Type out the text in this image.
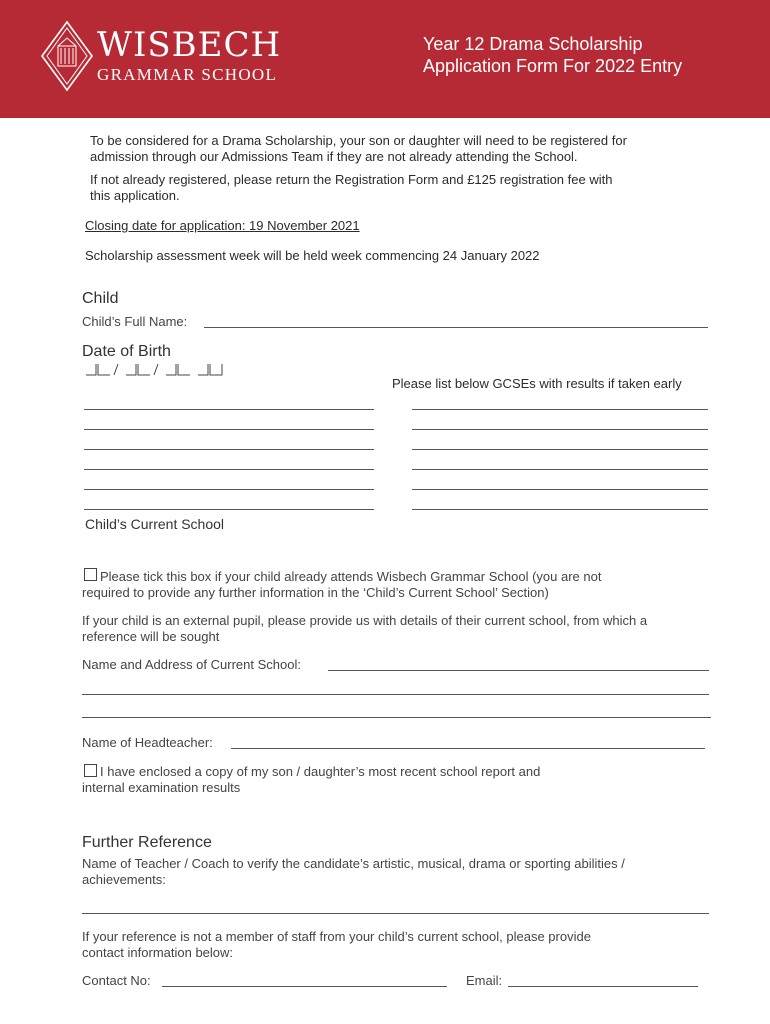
WISBECH
GRAMMAR SCHOOL
Year 12 Drama Scholarship
Application Form For 2022 Entry
To be considered for a Drama Scholarship, your son or daughter will need to be registered for
admission through our Admissions Team if they are not already attending the School.
If not already registered, please return the Registration Form and £125 registration fee with
this application.
Closing date for application: 19 November 2021
Scholarship assessment week will be held week commencing 24 January 2022
Child
Child’s Full Name:
Date of Birth
Please list below GCSEs with results if taken early
Child’s Current School
Please tick this box if your child already attends Wisbech Grammar School (you are not
required to provide any further information in the ‘Child’s Current School’ Section)
If your child is an external pupil, please provide us with details of their current school, from which a
reference will be sought
Name and Address of Current School:
Name of Headteacher:
I have enclosed a copy of my son / daughter’s most recent school report and
internal examination results
Further Reference
Name of Teacher / Coach to verify the candidate’s artistic, musical, drama or sporting abilities /
achievements:
If your reference is not a member of staff from your child’s current school, please provide
contact information below:
Contact No:	Email:
